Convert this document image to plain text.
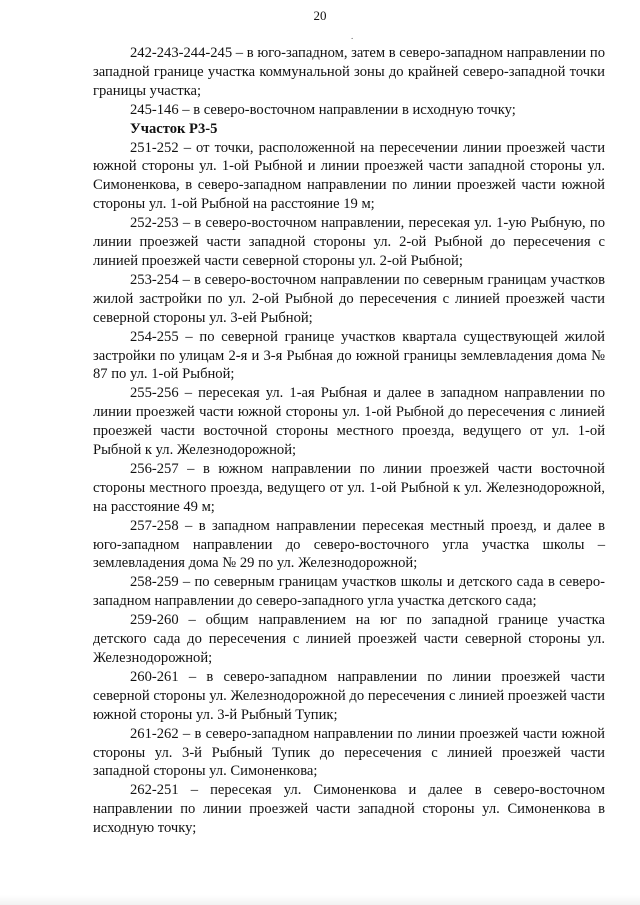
20
.

242-243-244-245 – в юго-западном, затем в северо-западном направлении по западной границе участка коммунальной зоны до крайней северо-западной точки границы участка;

245-146 – в северо-восточном направлении в исходную точку;

Участок Р3-5

251-252 – от точки, расположенной на пересечении линии проезжей части южной стороны ул. 1-ой Рыбной и линии проезжей части западной стороны ул. Симоненкова, в северо-западном направлении по линии проезжей части южной стороны ул. 1-ой Рыбной на расстояние 19 м;

252-253 – в северо-восточном направлении, пересекая ул. 1-ую Рыбную, по линии проезжей части западной стороны ул. 2-ой Рыбной до пересечения с линией проезжей части северной стороны ул. 2-ой Рыбной;

253-254 – в северо-восточном направлении по северным границам участков жилой застройки по ул. 2-ой Рыбной до пересечения с линией проезжей части северной стороны ул. 3-ей Рыбной;

254-255 – по северной границе участков квартала существующей жилой застройки по улицам 2-я и 3-я Рыбная до южной границы землевладения дома № 87 по ул. 1-ой Рыбной;

255-256 – пересекая ул. 1-ая Рыбная и далее в западном направлении по линии проезжей части южной стороны ул. 1-ой Рыбной до пересечения с линией проезжей части восточной стороны местного проезда, ведущего от ул. 1-ой Рыбной к ул. Железнодорожной;

256-257 – в южном направлении по линии проезжей части восточной стороны местного проезда, ведущего от ул. 1-ой Рыбной к ул. Железнодорожной, на расстояние 49 м;

257-258 – в западном направлении пересекая местный проезд, и далее в юго-западном направлении до северо-восточного угла участка школы – землевладения дома № 29 по ул. Железнодорожной;

258-259 – по северным границам участков школы и детского сада в северо-западном направлении до северо-западного угла участка детского сада;

259-260 – общим направлением на юг по западной границе участка детского сада до пересечения с линией проезжей части северной стороны ул. Железнодорожной;

260-261 – в северо-западном направлении по линии проезжей части северной стороны ул. Железнодорожной до пересечения с линией проезжей части южной стороны ул. 3-й Рыбный Тупик;

261-262 – в северо-западном направлении по линии проезжей части южной стороны ул. 3-й Рыбный Тупик до пересечения с линией проезжей части западной стороны ул. Симоненкова;

262-251 – пересекая ул. Симоненкова и далее в северо-восточном направлении по линии проезжей части западной стороны ул. Симоненкова в исходную точку;
